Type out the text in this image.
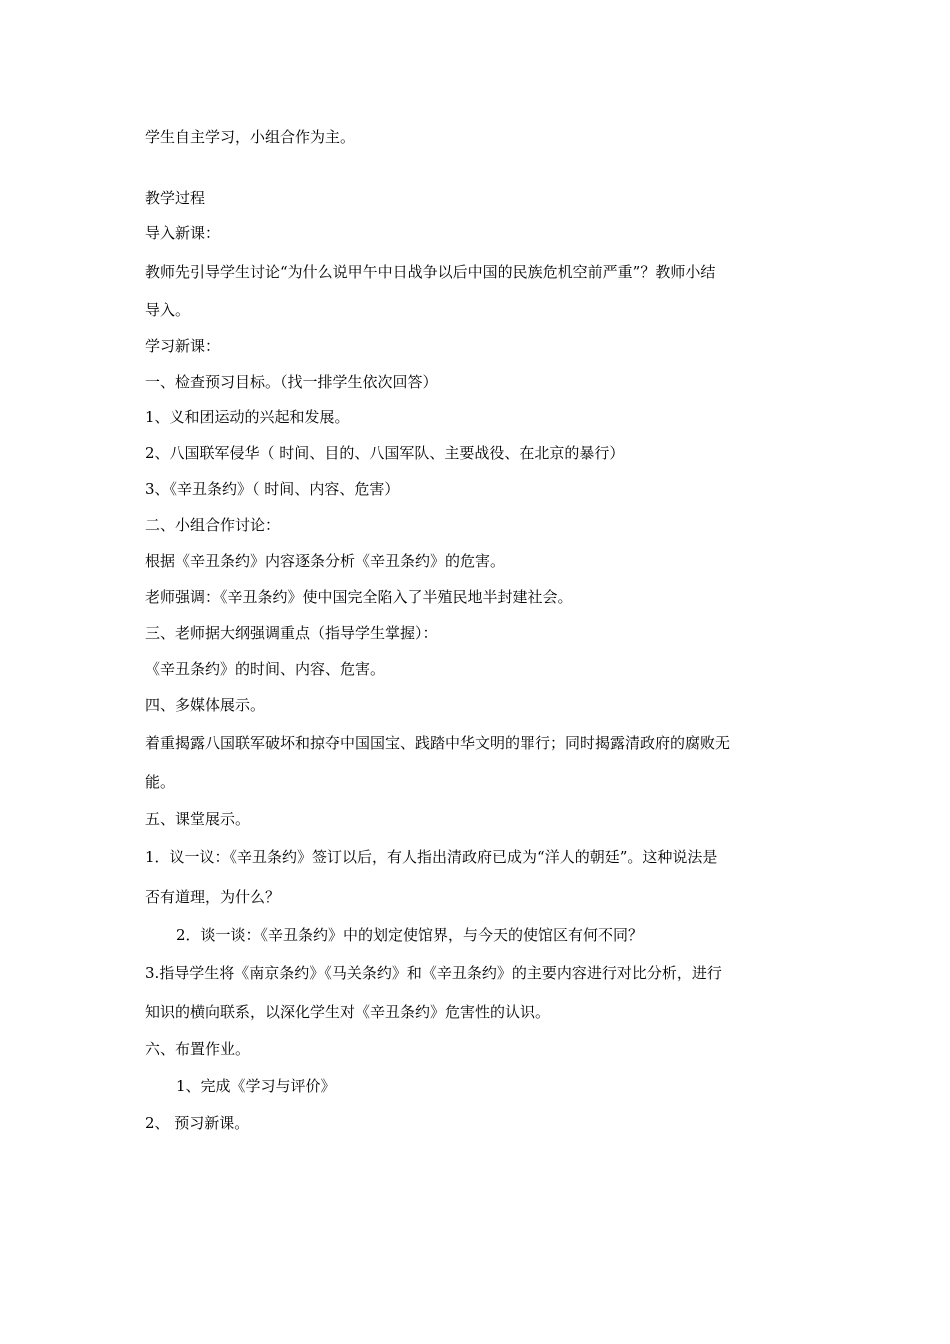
学生自主学习，小组合作为主。
教学过程
导入新课：
教师先引导学生讨论“为什么说甲午中日战争以后中国的民族危机空前严重”？教师小结
导入。
学习新课：
一、检查预习目标。（找一排学生依次回答）
1、义和团运动的兴起和发展。
2、八国联军侵华（ 时间、目的、八国军队、主要战役、在北京的暴行）
3、《辛丑条约》（ 时间、内容、危害）
二、小组合作讨论：
根据《辛丑条约》内容逐条分析《辛丑条约》的危害。
老师强调：《辛丑条约》使中国完全陷入了半殖民地半封建社会。
三、老师据大纲强调重点（指导学生掌握）：
《辛丑条约》的时间、内容、危害。
四、多媒体展示。
着重揭露八国联军破坏和掠夺中国国宝、践踏中华文明的罪行；同时揭露清政府的腐败无
能。
五、课堂展示。
1．议一议：《辛丑条约》签订以后，有人指出清政府已成为“洋人的朝廷”。这种说法是
否有道理，为什么？
2．谈一谈：《辛丑条约》中的划定使馆界，与今天的使馆区有何不同？
3.指导学生将《南京条约》《马关条约》和《辛丑条约》的主要内容进行对比分析，进行
知识的横向联系，以深化学生对《辛丑条约》危害性的认识。
六、布置作业。
1、完成《学习与评价》
2、 预习新课。
